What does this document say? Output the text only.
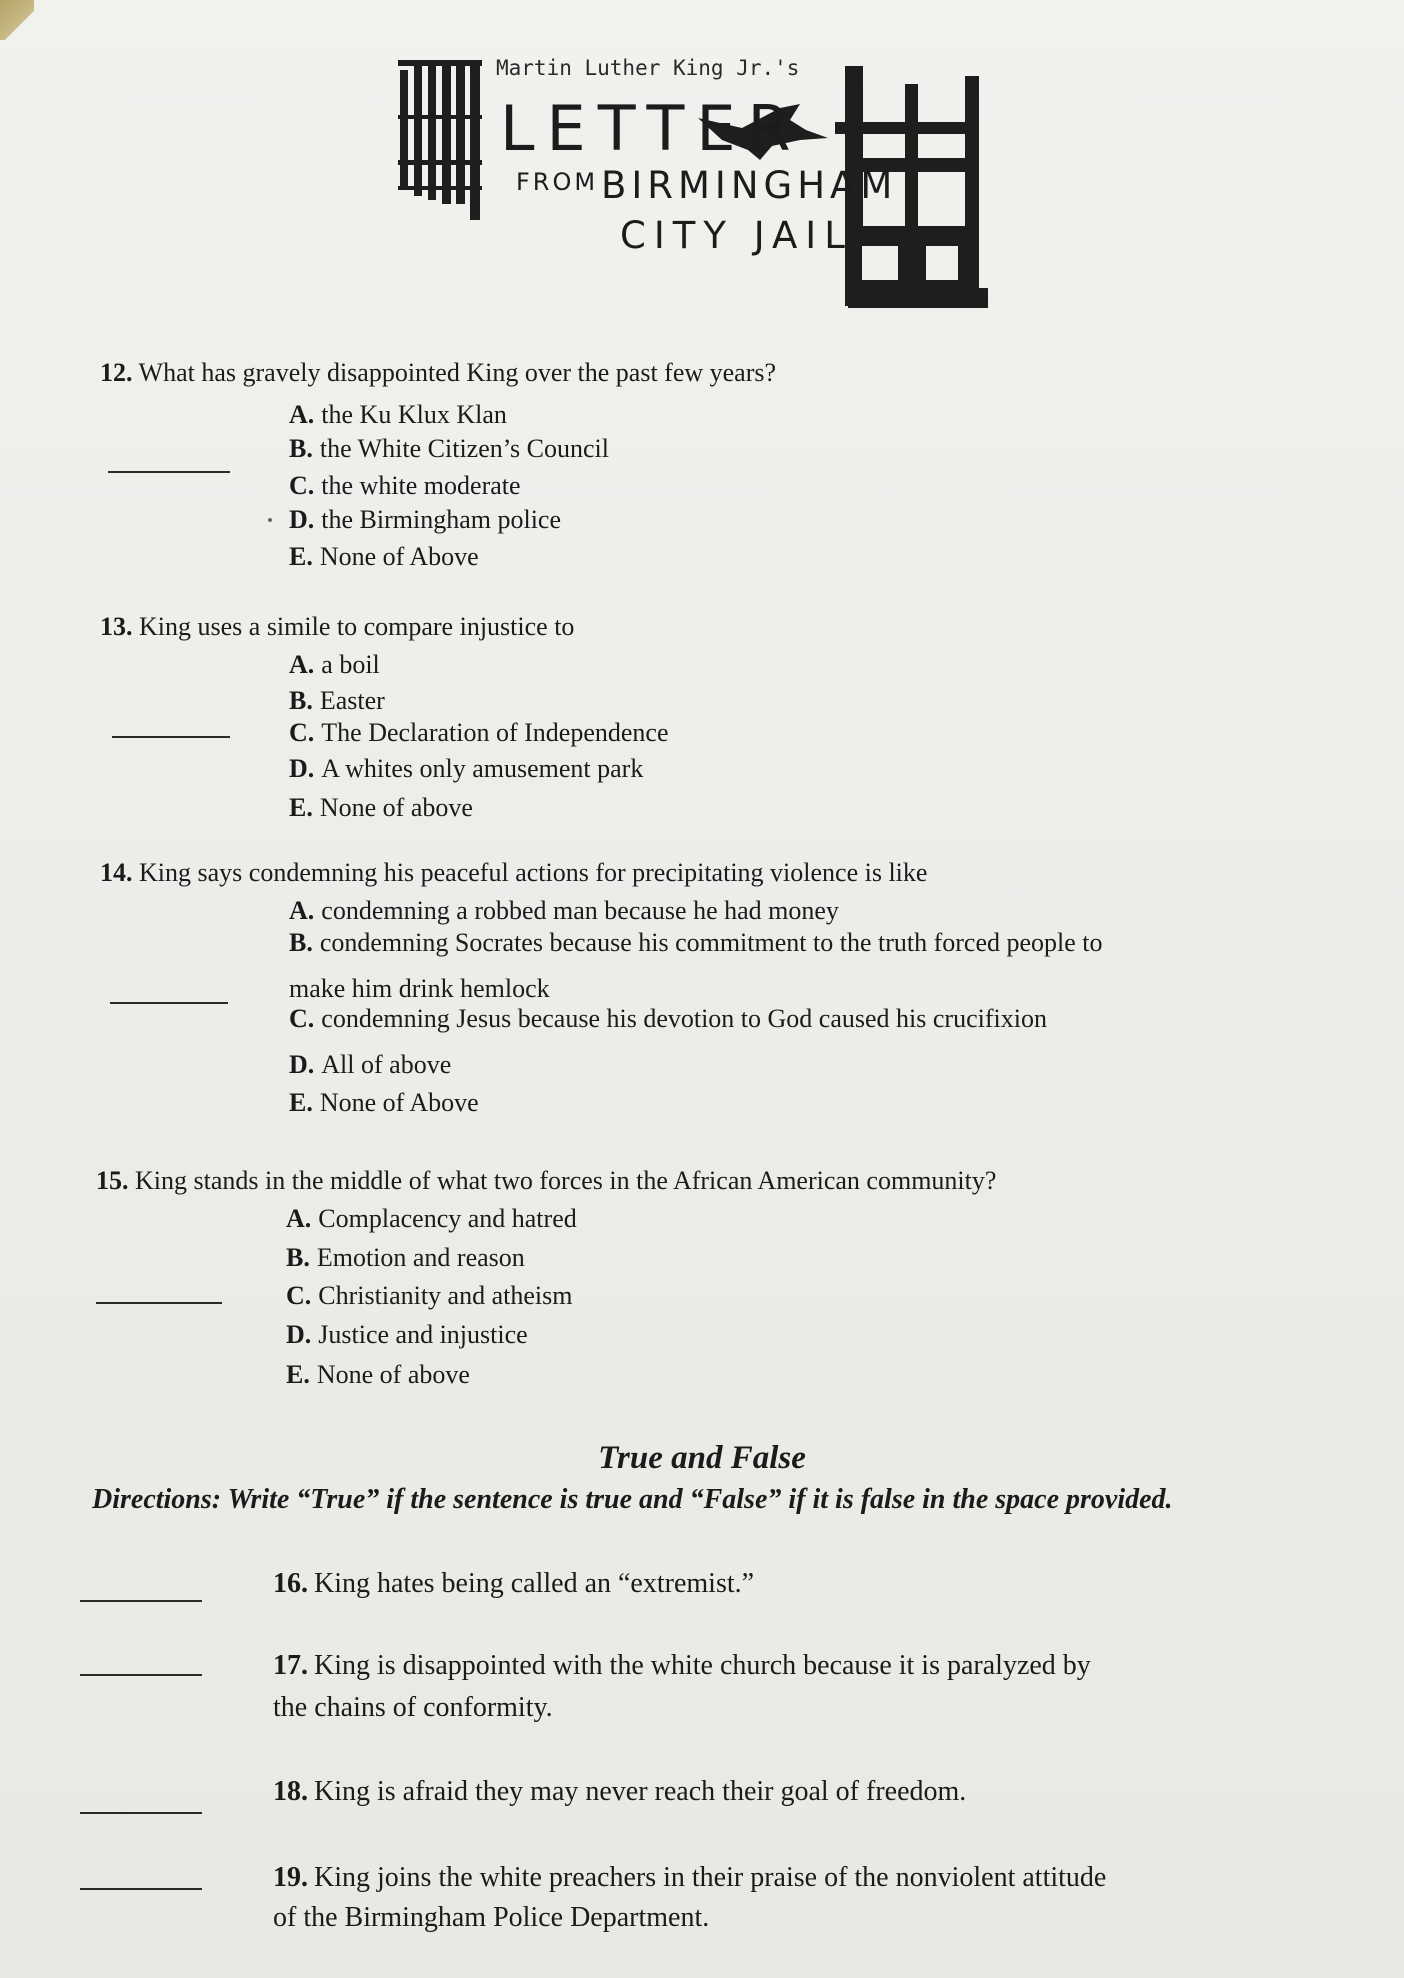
Martin Luther King Jr.'s
LETTER
FROM BIRMINGHAM
CITY JAIL
12. What has gravely disappointed King over the past few years?
A. the Ku Klux Klan
B. the White Citizen’s Council
C. the white moderate
D. the Birmingham police
E. None of Above
13. King uses a simile to compare injustice to
A. a boil
B. Easter
C. The Declaration of Independence
D. A whites only amusement park
E. None of above
14. King says condemning his peaceful actions for precipitating violence is like
A. condemning a robbed man because he had money
B. condemning Socrates because his commitment to the truth forced people to
make him drink hemlock
C. condemning Jesus because his devotion to God caused his crucifixion
D. All of above
E. None of Above
15. King stands in the middle of what two forces in the African American community?
A. Complacency and hatred
B. Emotion and reason
C. Christianity and atheism
D. Justice and injustice
E. None of above
True and False
Directions: Write “True” if the sentence is true and “False” if it is false in the space provided.
16. King hates being called an “extremist.”
17. King is disappointed with the white church because it is paralyzed by
the chains of conformity.
18. King is afraid they may never reach their goal of freedom.
19. King joins the white preachers in their praise of the nonviolent attitude
of the Birmingham Police Department.
